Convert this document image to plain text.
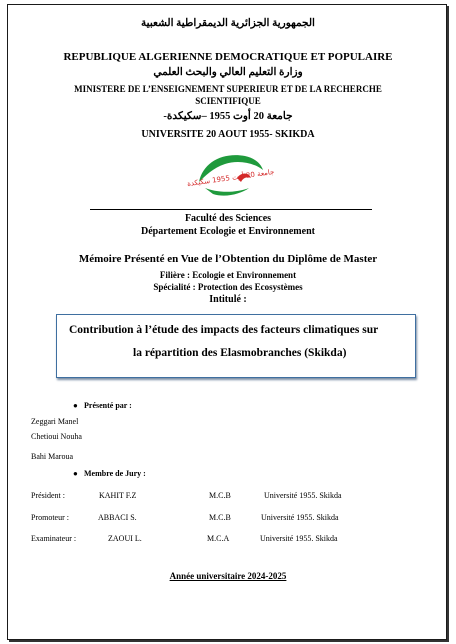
الجمهورية الجزائرية الديمقراطية الشعبية
REPUBLIQUE ALGERIENNE DEMOCRATIQUE ET POPULAIRE
وزارة التعليم العالي والبحث العلمي
MINISTERE DE L’ENSEIGNEMENT SUPERIEUR ET DE LA RECHERCHE
SCIENTIFIQUE
جامعة 20 أوت 1955 –سكيكدة-
UNIVERSITE 20 AOUT 1955- SKIKDA
جامعة 20 أوت 1955 سكيكدة
Faculté des Sciences
Département Ecologie et Environnement
Mémoire Présenté en Vue de l’Obtention du Diplôme de Master
Filière : Ecologie et Environnement
Spécialité : Protection des Ecosystèmes
Intitulé :
Contribution à l’étude des impacts des facteurs climatiques sur
la répartition des Elasmobranches (Skikda)
● Présenté par :
Zeggari Manel
Chetioui Nouha
Bahi Maroua
● Membre de Jury :
Président :	KAHIT F.Z	M.C.B	Université 1955. Skikda
Promoteur :	ABBACI S.	M.C.B	Université 1955. Skikda
Examinateur :	ZAOUI L.	M.C.A	Université 1955. Skikda
Année universitaire 2024-2025
